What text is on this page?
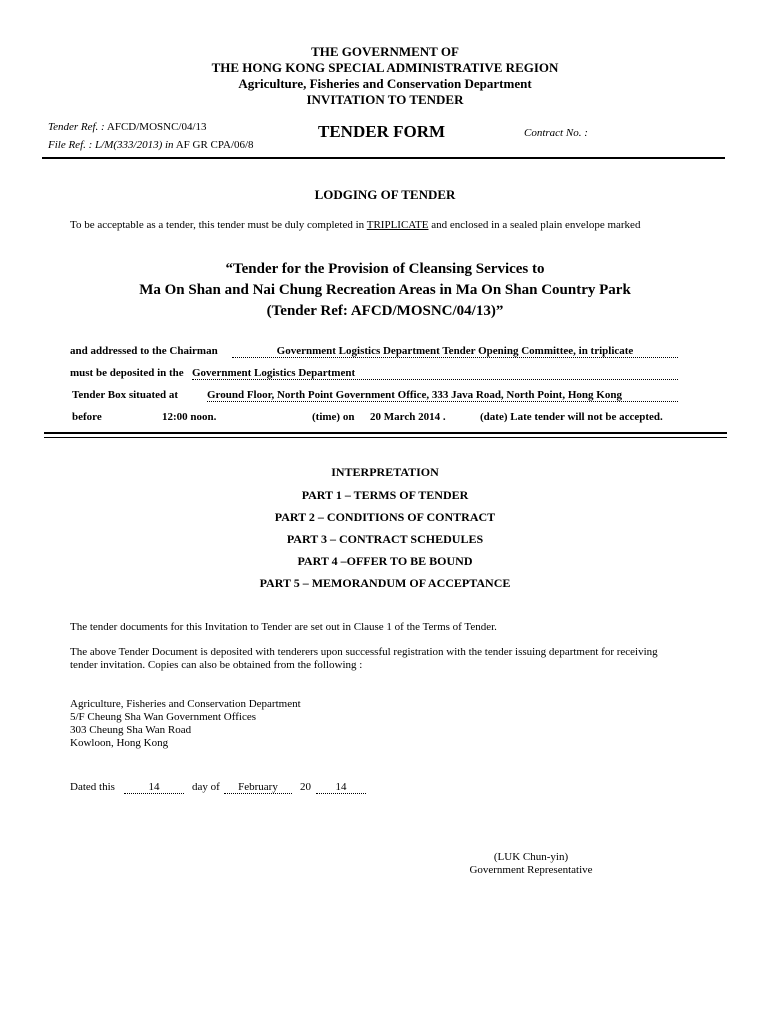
THE GOVERNMENT OF
THE HONG KONG SPECIAL ADMINISTRATIVE REGION
Agriculture, Fisheries and Conservation Department
INVITATION TO TENDER
Tender Ref. : AFCD/MOSNC/04/13
File Ref. : L/M(333/2013) in AF GR CPA/06/8
TENDER FORM	Contract No. :
LODGING OF TENDER
To be acceptable as a tender, this tender must be duly completed in TRIPLICATE and enclosed in a sealed plain envelope marked
“Tender for the Provision of Cleansing Services to
Ma On Shan and Nai Chung Recreation Areas in Ma On Shan Country Park
(Tender Ref: AFCD/MOSNC/04/13)”
and addressed to the Chairman	Government Logistics Department Tender Opening Committee, in triplicate
must be deposited in the Government Logistics Department
Tender Box situated at	Ground Floor, North Point Government Office, 333 Java Road, North Point, Hong Kong
before	12:00 noon.	(time) on 20 March 2014 .	(date) Late tender will not be accepted.
INTERPRETATION
PART 1 – TERMS OF TENDER
PART 2 – CONDITIONS OF CONTRACT
PART 3 – CONTRACT SCHEDULES
PART 4 –OFFER TO BE BOUND
PART 5 – MEMORANDUM OF ACCEPTANCE
The tender documents for this Invitation to Tender are set out in Clause 1 of the Terms of Tender.
The above Tender Document is deposited with tenderers upon successful registration with the tender issuing department for receiving
tender invitation. Copies can also be obtained from the following :
Agriculture, Fisheries and Conservation Department
5/F Cheung Sha Wan Government Offices
303 Cheung Sha Wan Road
Kowloon, Hong Kong
Dated this	14	day of	February	20	14
(LUK Chun-yin)
Government Representative
